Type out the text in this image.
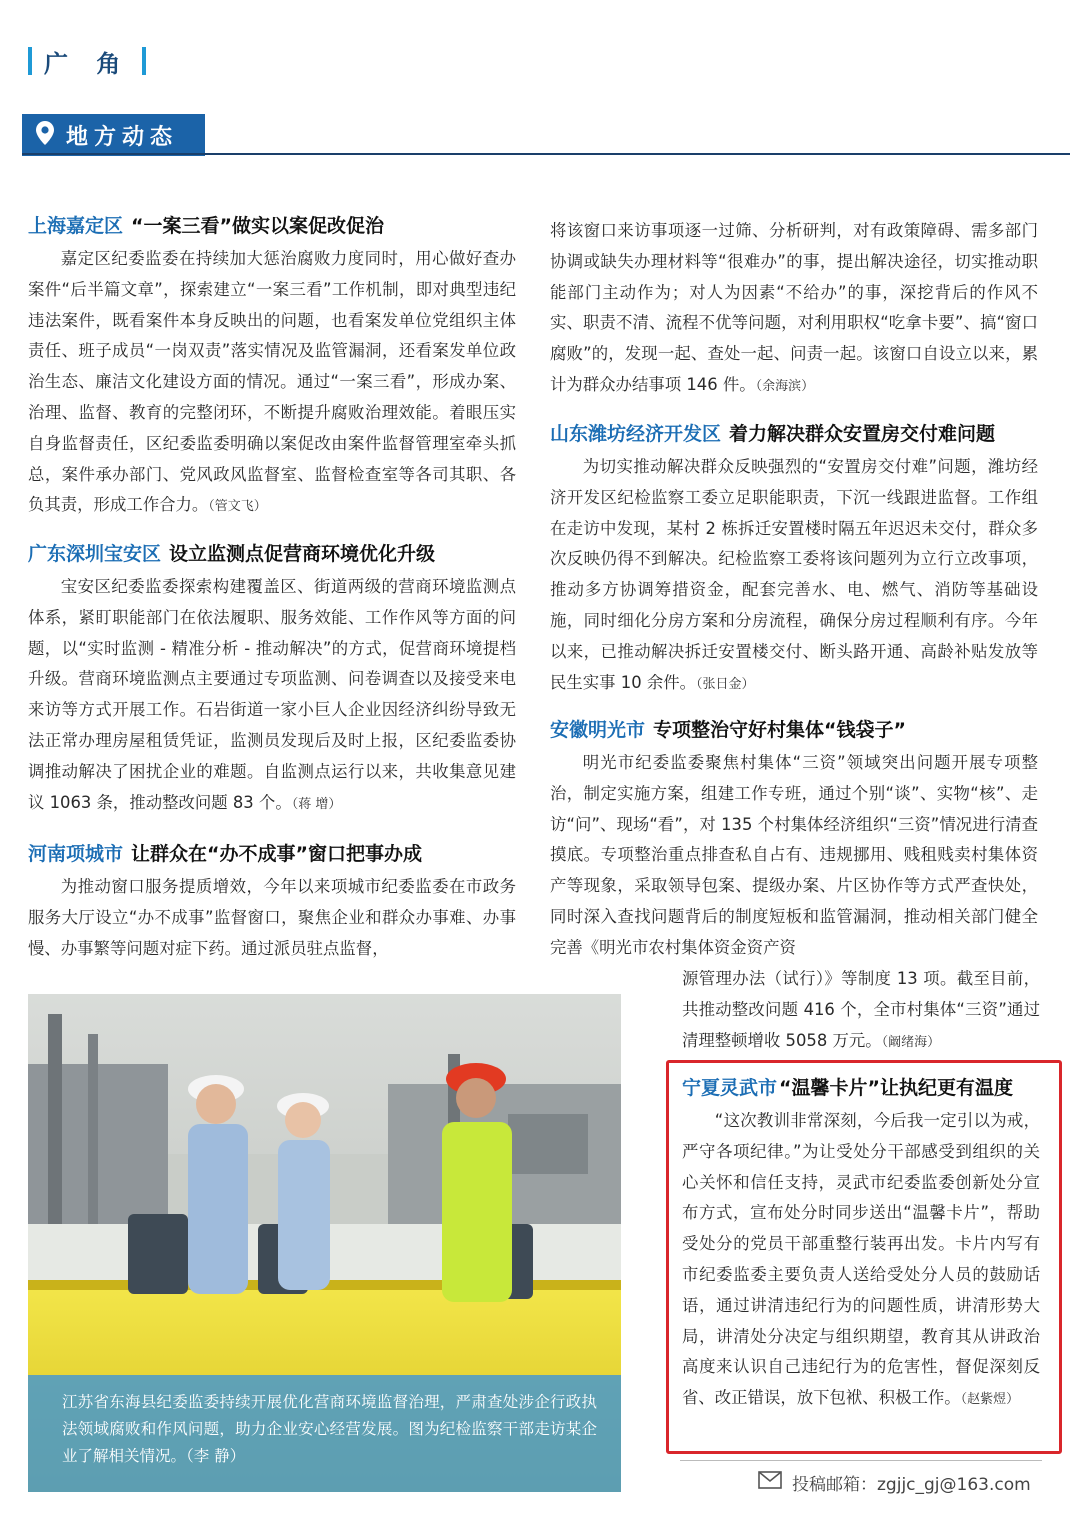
广 角
地方动态
上海嘉定区 “一案三看”做实以案促改促治

嘉定区纪委监委在持续加大惩治腐败力度同时，用心做好查办案件“后半篇文章”，探索建立“一案三看”工作机制，即对典型违纪违法案件，既看案件本身反映出的问题，也看案发单位党组织主体责任、班子成员“一岗双责”落实情况及监管漏洞，还看案发单位政治生态、廉洁文化建设方面的情况。通过“一案三看”，形成办案、治理、监督、教育的完整闭环，不断提升腐败治理效能。着眼压实自身监督责任，区纪委监委明确以案促改由案件监督管理室牵头抓总，案件承办部门、党风政风监督室、监督检查室等各司其职、各负其责，形成工作合力。（管文飞）

广东深圳宝安区 设立监测点促营商环境优化升级

宝安区纪委监委探索构建覆盖区、街道两级的营商环境监测点体系，紧盯职能部门在依法履职、服务效能、工作作风等方面的问题，以“实时监测 - 精准分析 - 推动解决”的方式，促营商环境提档升级。营商环境监测点主要通过专项监测、问卷调查以及接受来电来访等方式开展工作。石岩街道一家小巨人企业因经济纠纷导致无法正常办理房屋租赁凭证，监测员发现后及时上报，区纪委监委协调推动解决了困扰企业的难题。自监测点运行以来，共收集意见建议 1063 条，推动整改问题 83 个。（蒋 增）

河南项城市 让群众在“办不成事”窗口把事办成

为推动窗口服务提质增效，今年以来项城市纪委监委在市政务服务大厅设立“办不成事”监督窗口，聚焦企业和群众办事难、办事慢、办事繁等问题对症下药。通过派员驻点监督，

将该窗口来访事项逐一过筛、分析研判，对有政策障碍、需多部门协调或缺失办理材料等“很难办”的事，提出解决途径，切实推动职能部门主动作为；对人为因素“不给办”的事，深挖背后的作风不实、职责不清、流程不优等问题，对利用职权“吃拿卡要”、搞“窗口腐败”的，发现一起、查处一起、问责一起。该窗口自设立以来，累计为群众办结事项 146 件。（余海滨）

山东潍坊经济开发区 着力解决群众安置房交付难问题

为切实推动解决群众反映强烈的“安置房交付难”问题，潍坊经济开发区纪检监察工委立足职能职责，下沉一线跟进监督。工作组在走访中发现，某村 2 栋拆迁安置楼时隔五年迟迟未交付，群众多次反映仍得不到解决。纪检监察工委将该问题列为立行立改事项，推动多方协调筹措资金，配套完善水、电、燃气、消防等基础设施，同时细化分房方案和分房流程，确保分房过程顺利有序。今年以来，已推动解决拆迁安置楼交付、断头路开通、高龄补贴发放等民生实事 10 余件。（张日金）

安徽明光市 专项整治守好村集体“钱袋子”

明光市纪委监委聚焦村集体“三资”领域突出问题开展专项整治，制定实施方案，组建工作专班，通过个别“谈”、实物“核”、走访“问”、现场“看”，对 135 个村集体经济组织“三资”情况进行清查摸底。专项整治重点排查私自占有、违规挪用、贱租贱卖村集体资产等现象，采取领导包案、提级办案、片区协作等方式严查快处，同时深入查找问题背后的制度短板和监管漏洞，推动相关部门健全完善《明光市农村集体资金资产资

源管理办法（试行）》等制度 13 项。截至目前，共推动整改问题 416 个，全市村集体“三资”通过清理整顿增收 5058 万元。（阚绪海）

江苏省东海县纪委监委持续开展优化营商环境监督治理，严肃查处涉企行政执法领域腐败和作风问题，助力企业安心经营发展。图为纪检监察干部走访某企业了解相关情况。（李 静）
宁夏灵武市 “温馨卡片”让执纪更有温度

“这次教训非常深刻，今后我一定引以为戒，严守各项纪律。”为让受处分干部感受到组织的关心关怀和信任支持，灵武市纪委监委创新处分宣布方式，宣布处分时同步送出“温馨卡片”，帮助受处分的党员干部重整行装再出发。卡片内写有市纪委监委主要负责人送给受处分人员的鼓励话语，通过讲清违纪行为的问题性质，讲清形势大局，讲清处分决定与组织期望，教育其从讲政治高度来认识自己违纪行为的危害性，督促深刻反省、改正错误，放下包袱、积极工作。（赵紫煜）

投稿邮箱：zgjjc_gj@163.com
